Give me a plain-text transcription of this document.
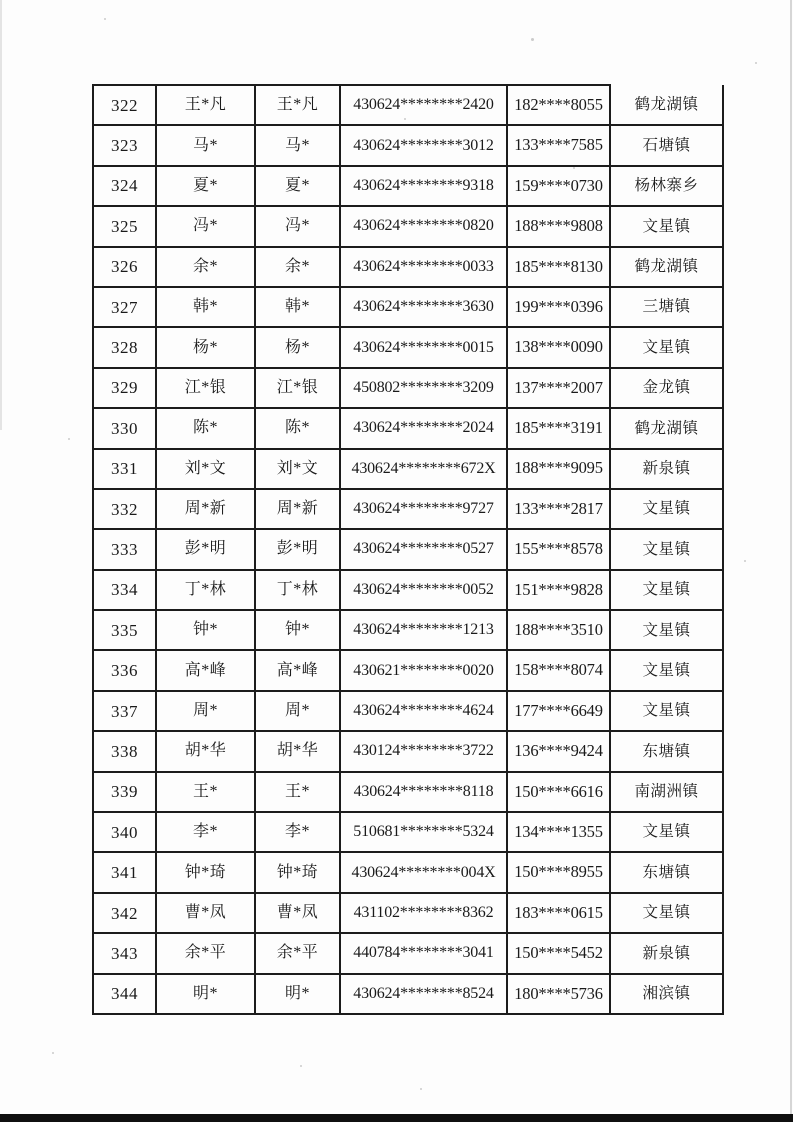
322	王*凡	王*凡	430624********2420	182****8055	鹤龙湖镇
323	马*	马*	430624********3012	133****7585	石塘镇
324	夏*	夏*	430624********9318	159****0730	杨林寨乡
325	冯*	冯*	430624********0820	188****9808	文星镇
326	余*	余*	430624********0033	185****8130	鹤龙湖镇
327	韩*	韩*	430624********3630	199****0396	三塘镇
328	杨*	杨*	430624********0015	138****0090	文星镇
329	江*银	江*银	450802********3209	137****2007	金龙镇
330	陈*	陈*	430624********2024	185****3191	鹤龙湖镇
331	刘*文	刘*文	430624********672X	188****9095	新泉镇
332	周*新	周*新	430624********9727	133****2817	文星镇
333	彭*明	彭*明	430624********0527	155****8578	文星镇
334	丁*林	丁*林	430624********0052	151****9828	文星镇
335	钟*	钟*	430624********1213	188****3510	文星镇
336	高*峰	高*峰	430621********0020	158****8074	文星镇
337	周*	周*	430624********4624	177****6649	文星镇
338	胡*华	胡*华	430124********3722	136****9424	东塘镇
339	王*	王*	430624********8118	150****6616	南湖洲镇
340	李*	李*	510681********5324	134****1355	文星镇
341	钟*琦	钟*琦	430624********004X	150****8955	东塘镇
342	曹*凤	曹*凤	431102********8362	183****0615	文星镇
343	余*平	余*平	440784********3041	150****5452	新泉镇
344	明*	明*	430624********8524	180****5736	湘滨镇
